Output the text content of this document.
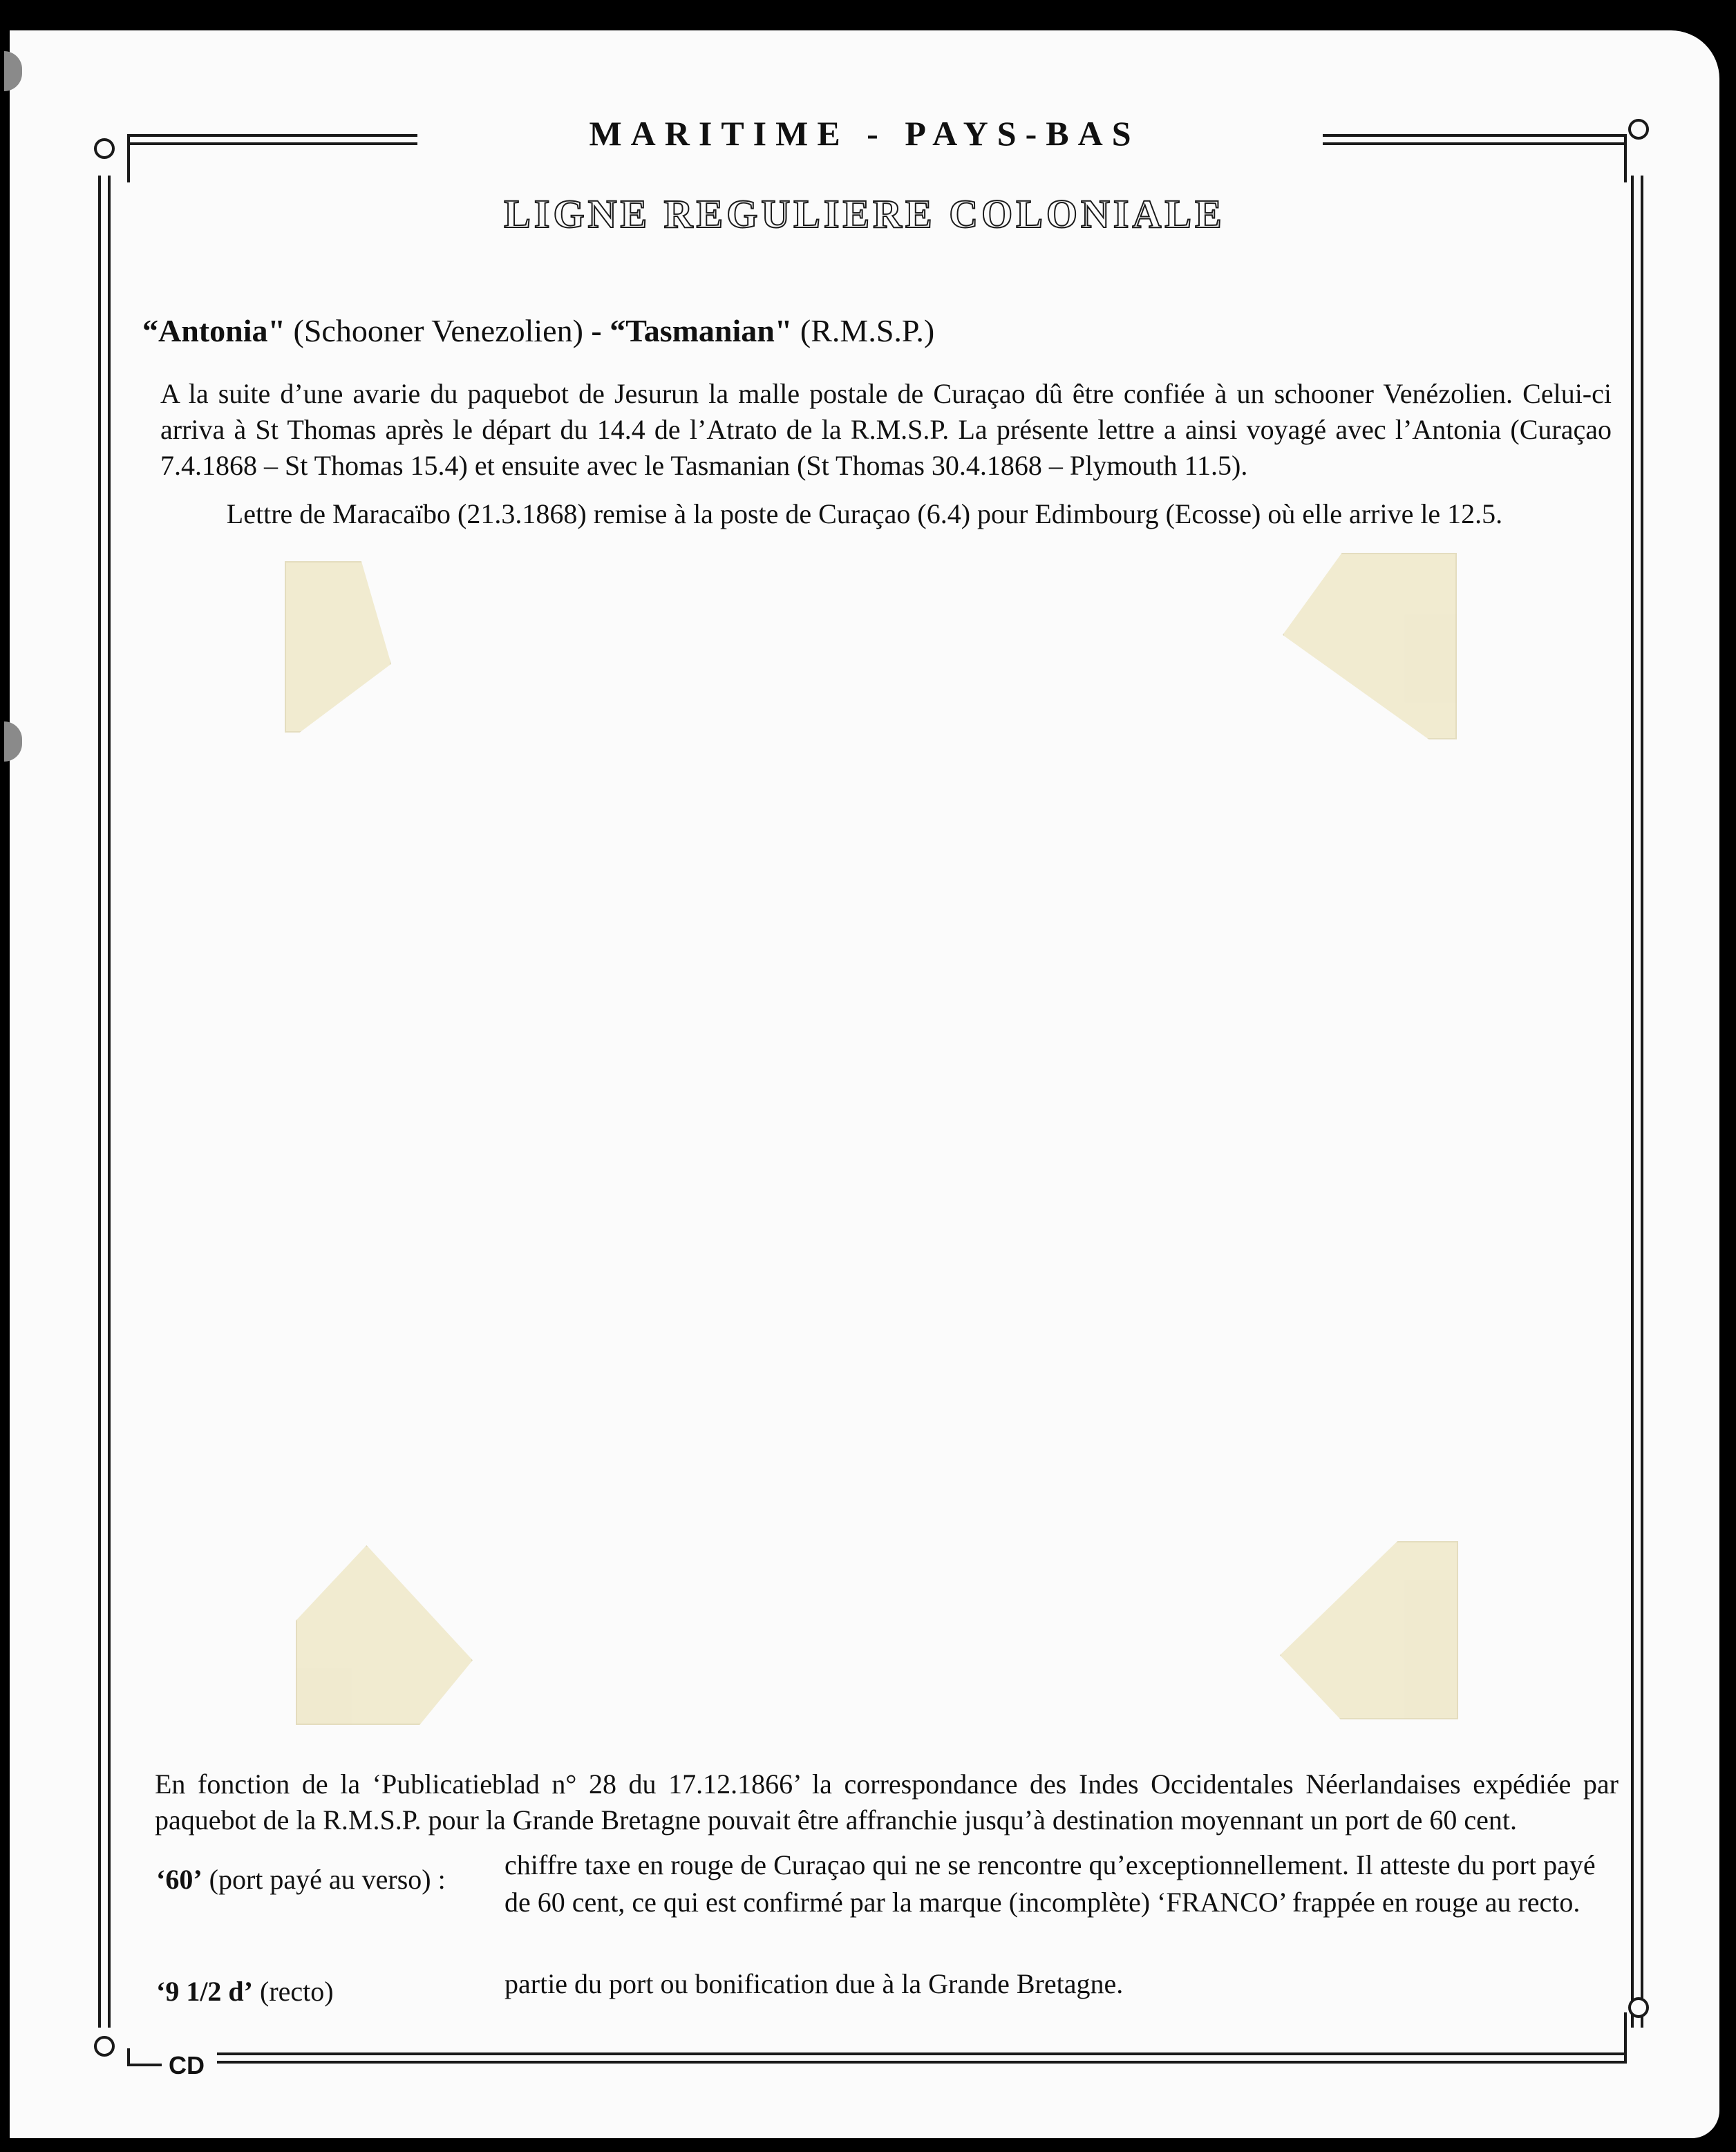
MARITIME - PAYS-BAS
LIGNE REGULIERE COLONIALE
“Antonia" (Schooner Venezolien) - “Tasmanian" (R.M.S.P.)
A la suite d’une avarie du paquebot de Jesurun la malle postale de Curaçao dû être confiée à un schooner Venézolien. Celui-ci arriva à St Thomas après le départ du 14.4 de l’Atrato de la R.M.S.P. La présente lettre a ainsi voyagé avec l’Antonia (Curaçao 7.4.1868 – St Thomas 15.4) et ensuite avec le Tasmanian (St Thomas 30.4.1868 – Plymouth 11.5).
Lettre de Maracaïbo (21.3.1868) remise à la poste de Curaçao (6.4) pour Edimbourg (Ecosse) où elle arrive le 12.5.
En fonction de la ‘Publicatieblad n° 28 du 17.12.1866’ la correspondance des Indes Occidentales Néerlandaises expédiée par paquebot de la R.M.S.P. pour la Grande Bretagne pouvait être affranchie jusqu’à destination moyennant un port de 60 cent.
‘60’ (port payé au verso) : chiffre taxe en rouge de Curaçao qui ne se rencontre qu’exceptionnellement. Il atteste du port payé de 60 cent, ce qui est confirmé par la marque (incomplète) ‘FRANCO’ frappée en rouge au recto.
‘9 1/2 d’ (recto)	partie du port ou bonification due à la Grande Bretagne.
CD
